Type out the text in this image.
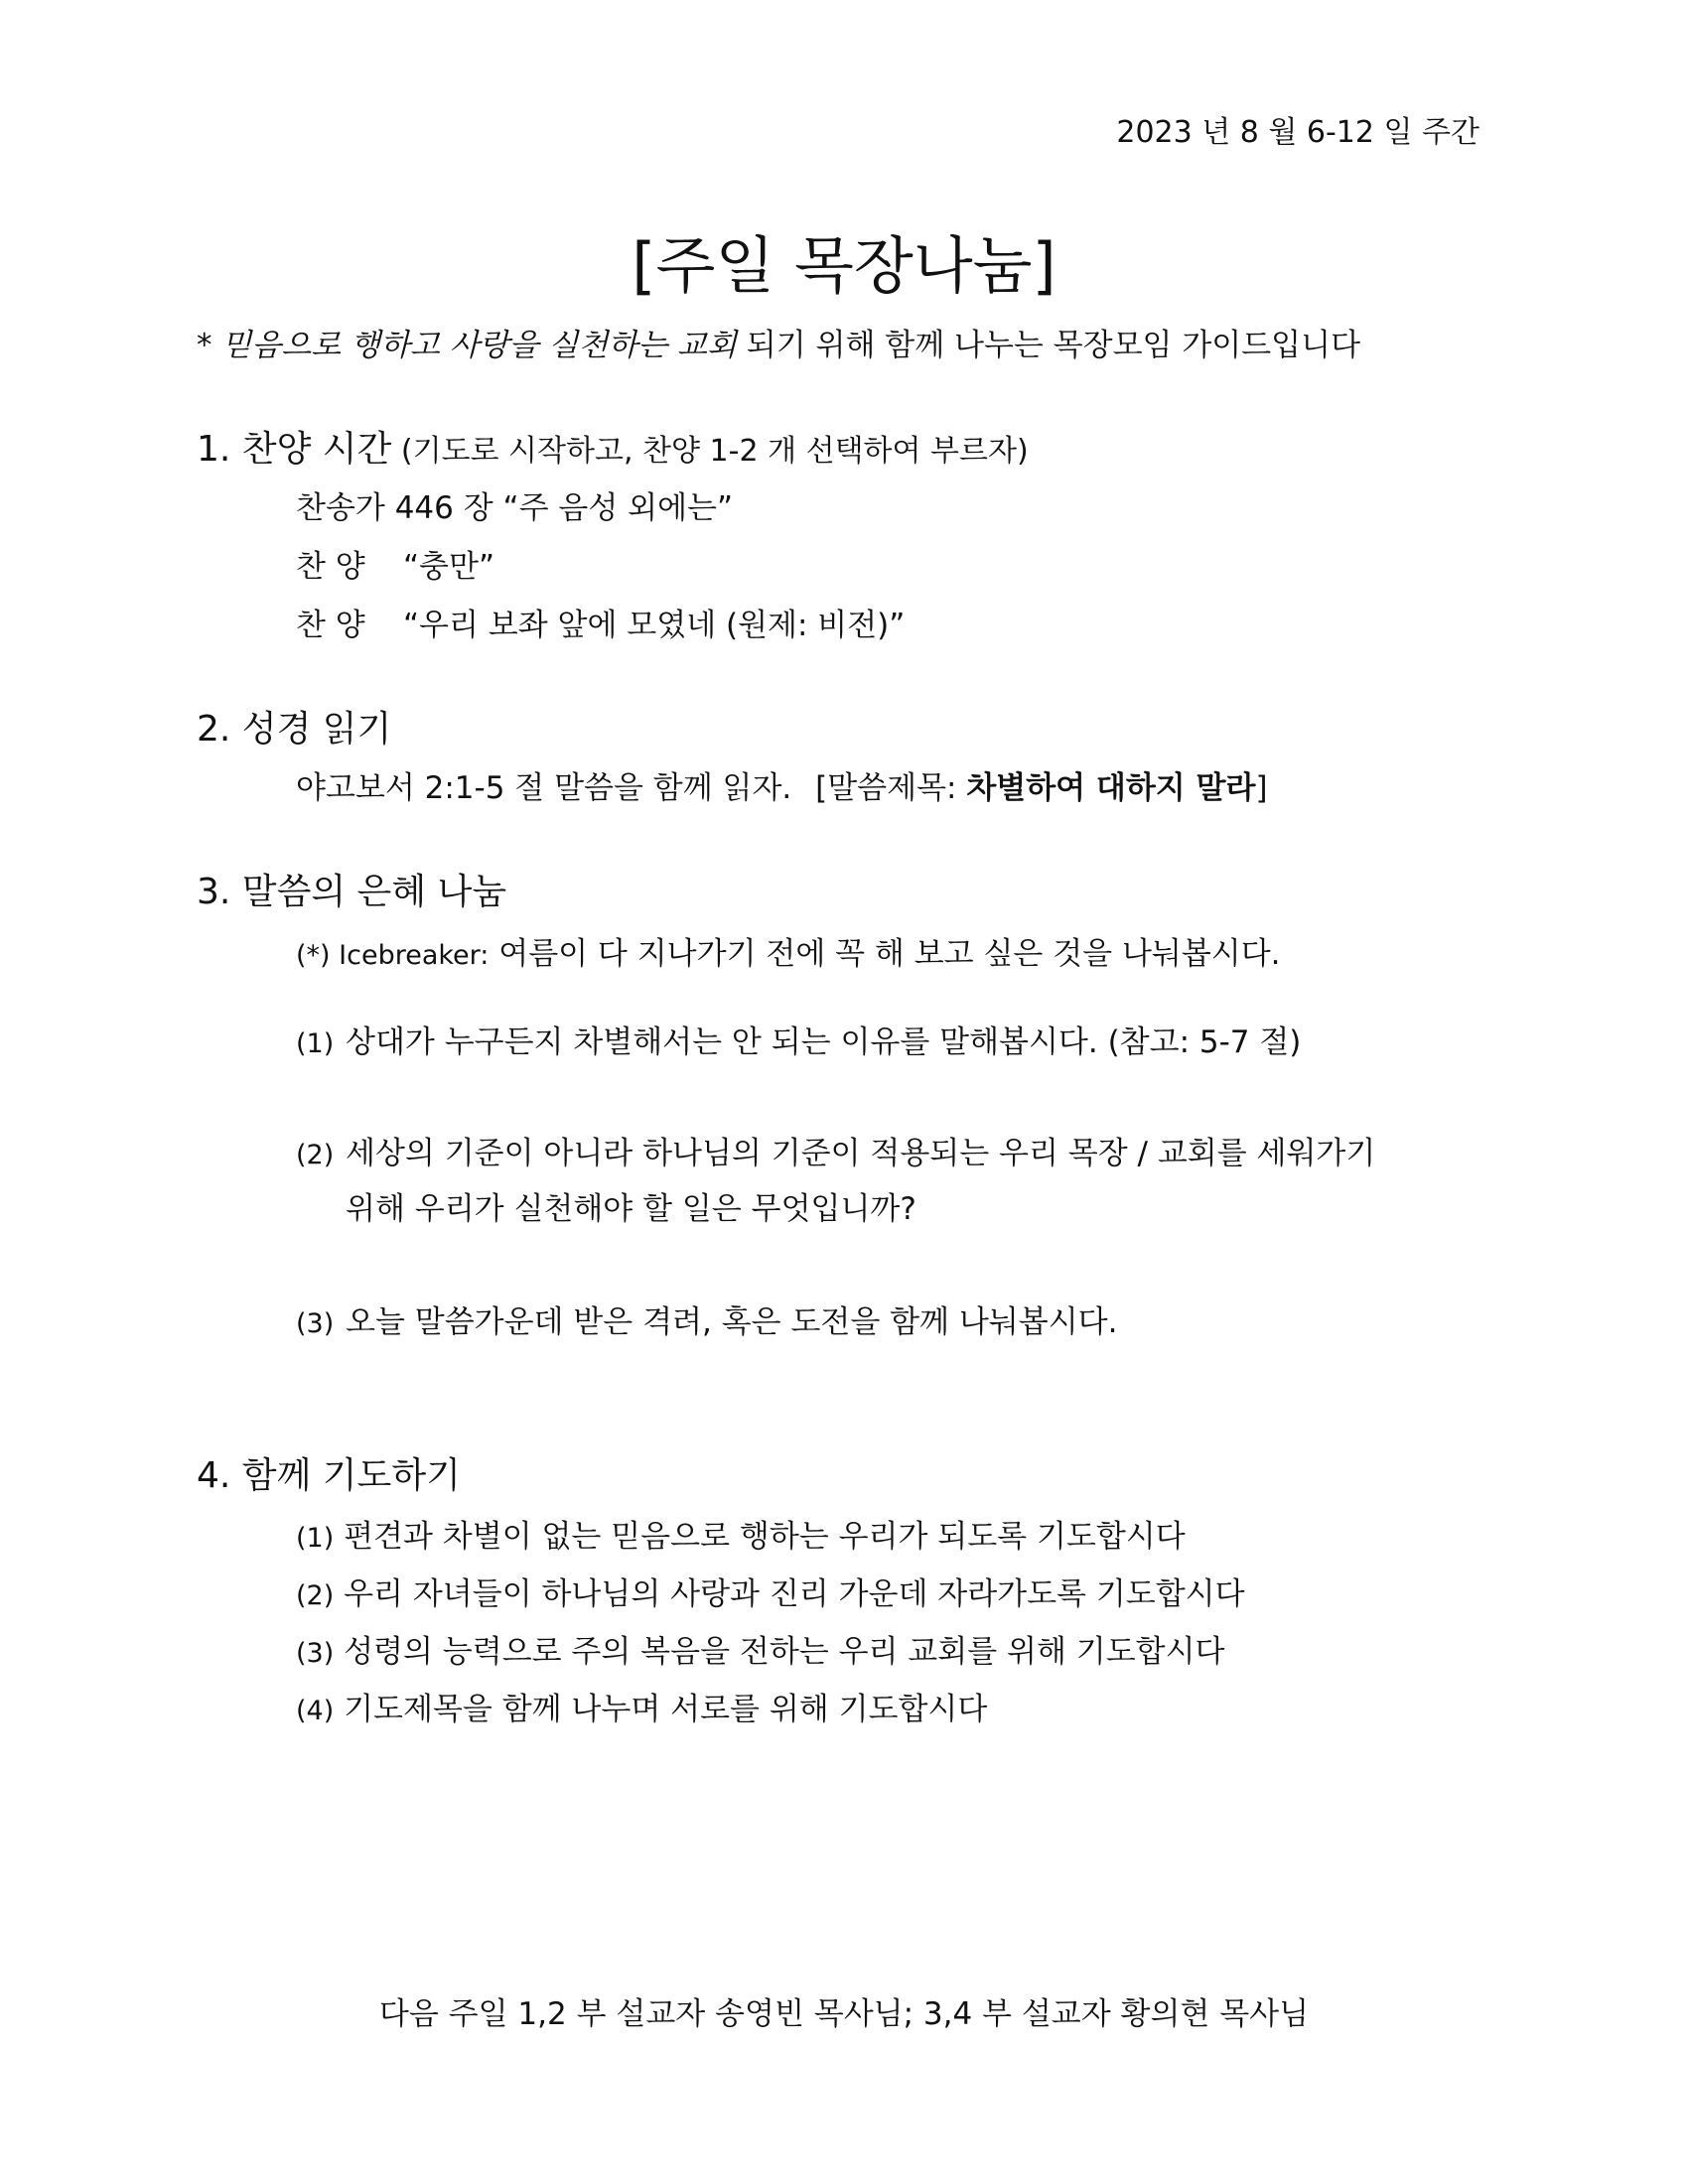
2023 년 8 월 6-12 일 주간
[주일 목장나눔]
* 믿음으로 행하고 사랑을 실천하는 교회 되기 위해 함께 나누는 목장모임 가이드입니다
1. 찬양 시간 (기도로 시작하고, 찬양 1-2 개 선택하여 부르자)
찬송가 446 장 “주 음성 외에는”
찬 양 “충만”
찬 양 “우리 보좌 앞에 모였네 (원제: 비전)”
2. 성경 읽기
야고보서 2:1-5 절 말씀을 함께 읽자. [말씀제목: 차별하여 대하지 말라]
3. 말씀의 은혜 나눔
(*) Icebreaker: 여름이 다 지나가기 전에 꼭 해 보고 싶은 것을 나눠봅시다.
(1) 상대가 누구든지 차별해서는 안 되는 이유를 말해봅시다. (참고: 5-7 절)
(2) 세상의 기준이 아니라 하나님의 기준이 적용되는 우리 목장 / 교회를 세워가기
위해 우리가 실천해야 할 일은 무엇입니까?
(3) 오늘 말씀가운데 받은 격려, 혹은 도전을 함께 나눠봅시다.
4. 함께 기도하기
(1) 편견과 차별이 없는 믿음으로 행하는 우리가 되도록 기도합시다
(2) 우리 자녀들이 하나님의 사랑과 진리 가운데 자라가도록 기도합시다
(3) 성령의 능력으로 주의 복음을 전하는 우리 교회를 위해 기도합시다
(4) 기도제목을 함께 나누며 서로를 위해 기도합시다
다음 주일 1,2 부 설교자 송영빈 목사님; 3,4 부 설교자 황의현 목사님
